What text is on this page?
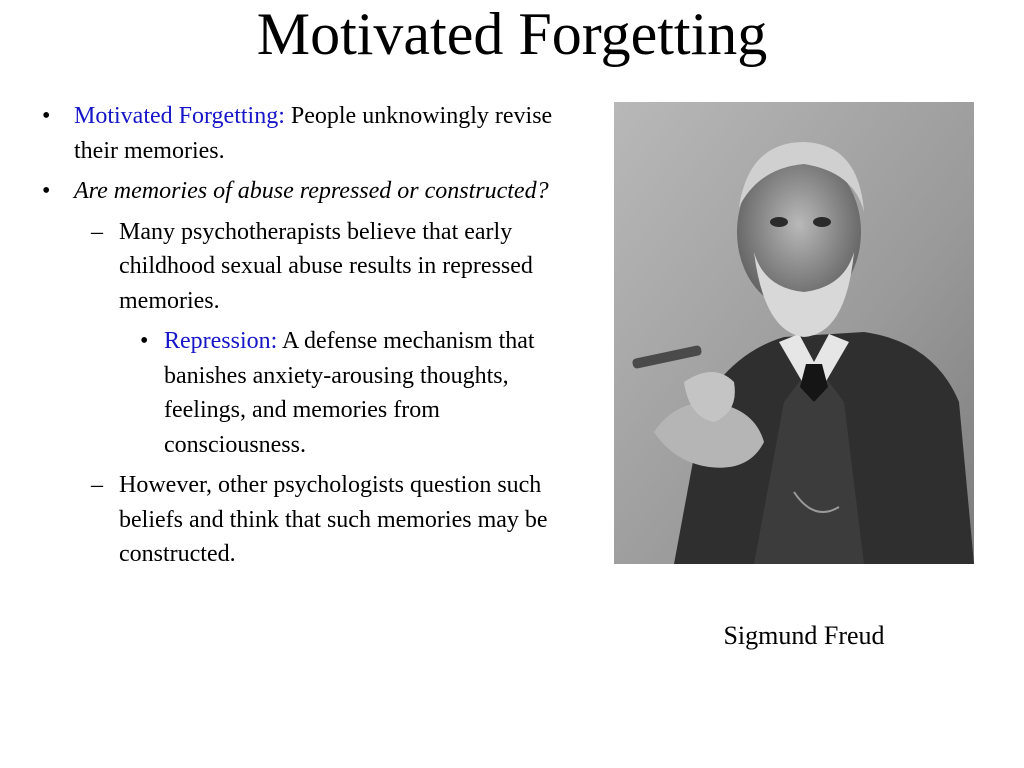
Motivated Forgetting
• Motivated Forgetting: People unknowingly revise their memories.
• Are memories of abuse repressed or constructed?
– Many psychotherapists believe that early childhood sexual abuse results in repressed memories.
• Repression: A defense mechanism that banishes anxiety-arousing thoughts, feelings, and memories from consciousness.
– However, other psychologists question such beliefs and think that such memories may be constructed.
Sigmund Freud
